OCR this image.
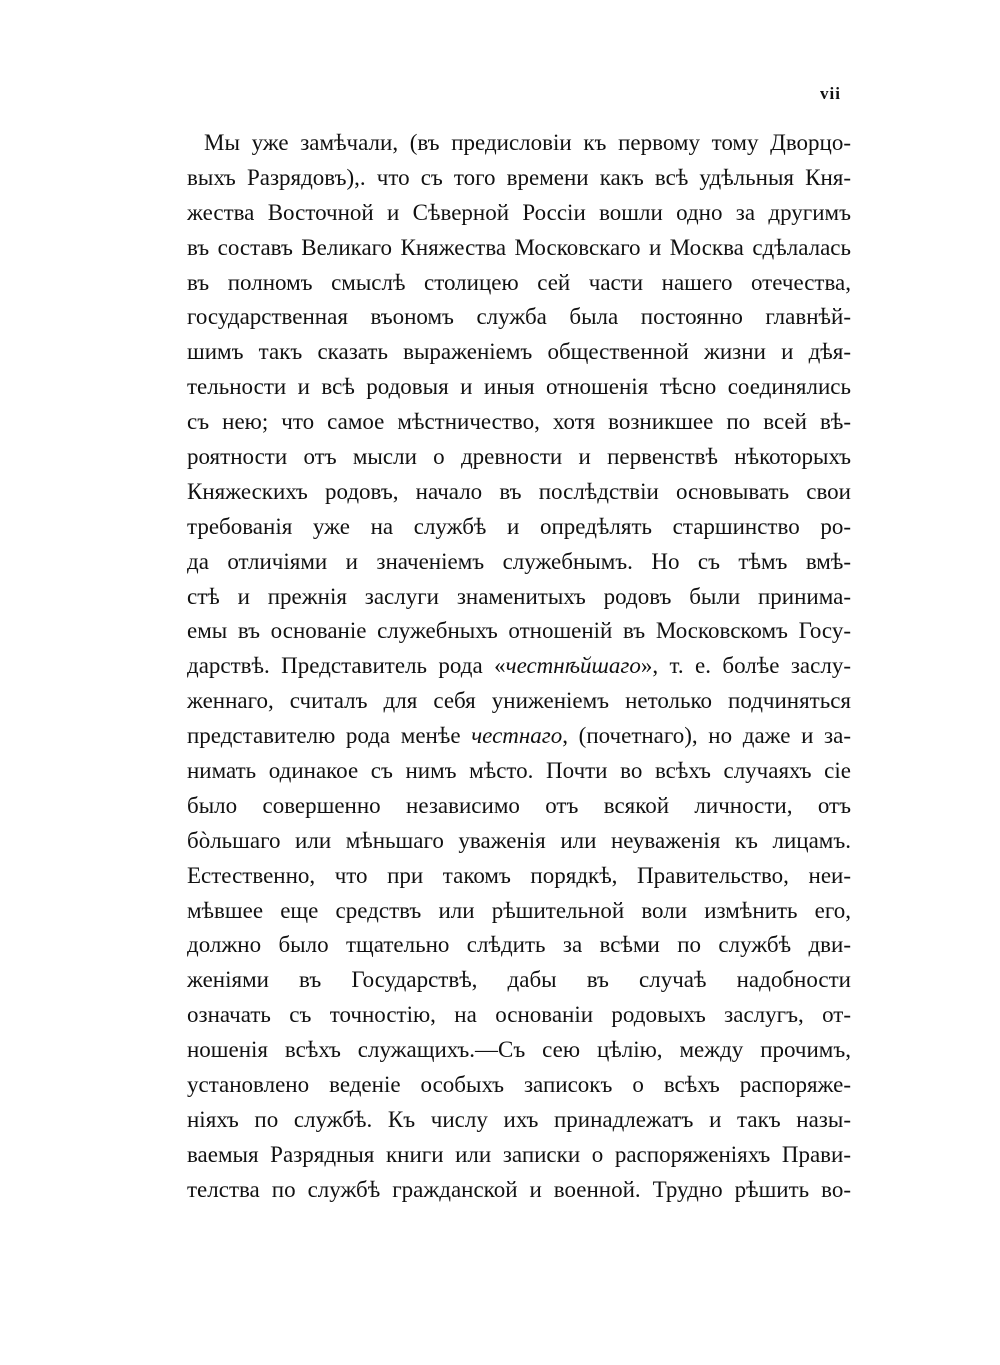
vii
Мы уже замѣчали, (въ предисловіи къ первому тому Дворцо-
выхъ Разрядовъ),. что съ того времени какъ всѣ удѣльныя Кня-
жества Восточной и Сѣверной Россіи вошли одно за другимъ
въ составъ Великаго Княжества Московскаго и Москва сдѣлалась
въ полномъ смыслѣ столицею сей части нашего отечества,
государственная въономъ служба была постоянно главнѣй-
шимъ такъ сказать выраженіемъ общественной жизни и дѣя-
тельности и всѣ родовыя и иныя отношенія тѣсно соединялись
съ нею; что самое мѣстничество, хотя возникшее по всей вѣ-
роятности отъ мысли о древности и первенствѣ нѣкоторыхъ
Княжескихъ родовъ, начало въ послѣдствіи основывать свои
требованія уже на службѣ и опредѣлять старшинство ро-
да отличіями и значеніемъ служебнымъ. Но съ тѣмъ вмѣ-
стѣ и прежнія заслуги знаменитыхъ родовъ были принима-
емы въ основаніе служебныхъ отношеній въ Московскомъ Госу-
дарствѣ. Представитель рода «честнѣйшаго», т. е. болѣе заслу-
женнаго, считалъ для себя униженіемъ нетолько подчиняться
представителю рода менѣе честнаго, (почетнаго), но даже и за-
нимать одинакое съ нимъ мѣсто. Почти во всѣхъ случаяхъ сіе
было совершенно независимо отъ всякой личности, отъ
бòльшаго или мѣньшаго уваженія или неуваженія къ лицамъ.
Естественно, что при такомъ порядкѣ, Правительство, неи-
мѣвшее еще средствъ или рѣшительной воли измѣнить его,
должно было тщательно слѣдить за всѣми по службѣ дви-
женіями въ Государствѣ, дабы въ случаѣ надобности
означать съ точностію, на основаніи родовыхъ заслугъ, от-
ношенія всѣхъ служащихъ.—Съ сею цѣлію, между прочимъ,
установлено веденіе особыхъ записокъ о всѣхъ распоряже-
ніяхъ по службѣ. Къ числу ихъ принадлежатъ и такъ назы-
ваемыя Разрядныя книги или записки о распоряженіяхъ Прави-
телства по службѣ гражданской и военной. Трудно рѣшить во-
